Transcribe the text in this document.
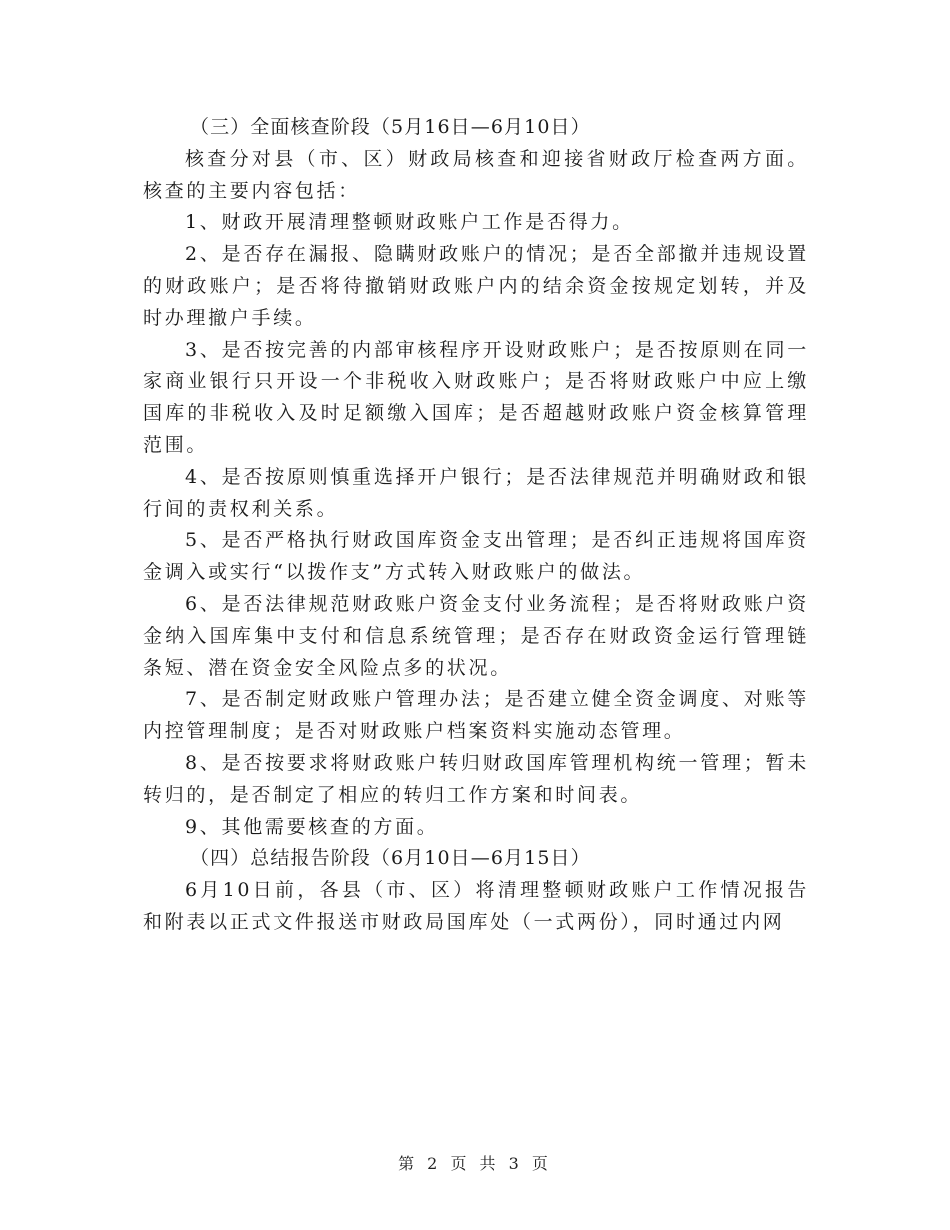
（三）全面核查阶段（5月16日—6月10日）

核查分对县（市、区）财政局核查和迎接省财政厅检查两方面。核查的主要内容包括：

1、财政开展清理整顿财政账户工作是否得力。

2、是否存在漏报、隐瞒财政账户的情况；是否全部撤并违规设置的财政账户；是否将待撤销财政账户内的结余资金按规定划转，并及时办理撤户手续。

3、是否按完善的内部审核程序开设财政账户；是否按原则在同一家商业银行只开设一个非税收入财政账户；是否将财政账户中应上缴国库的非税收入及时足额缴入国库；是否超越财政账户资金核算管理范围。

4、是否按原则慎重选择开户银行；是否法律规范并明确财政和银行间的责权利关系。

5、是否严格执行财政国库资金支出管理；是否纠正违规将国库资金调入或实行“以拨作支”方式转入财政账户的做法。

6、是否法律规范财政账户资金支付业务流程；是否将财政账户资金纳入国库集中支付和信息系统管理；是否存在财政资金运行管理链条短、潜在资金安全风险点多的状况。

7、是否制定财政账户管理办法；是否建立健全资金调度、对账等内控管理制度；是否对财政账户档案资料实施动态管理。

8、是否按要求将财政账户转归财政国库管理机构统一管理；暂未转归的，是否制定了相应的转归工作方案和时间表。

9、其他需要核查的方面。

（四）总结报告阶段（6月10日—6月15日）

6月10日前，各县（市、区）将清理整顿财政账户工作情况报告和附表以正式文件报送市财政局国库处（一式两份），同时通过内网

第 2 页 共 3 页
